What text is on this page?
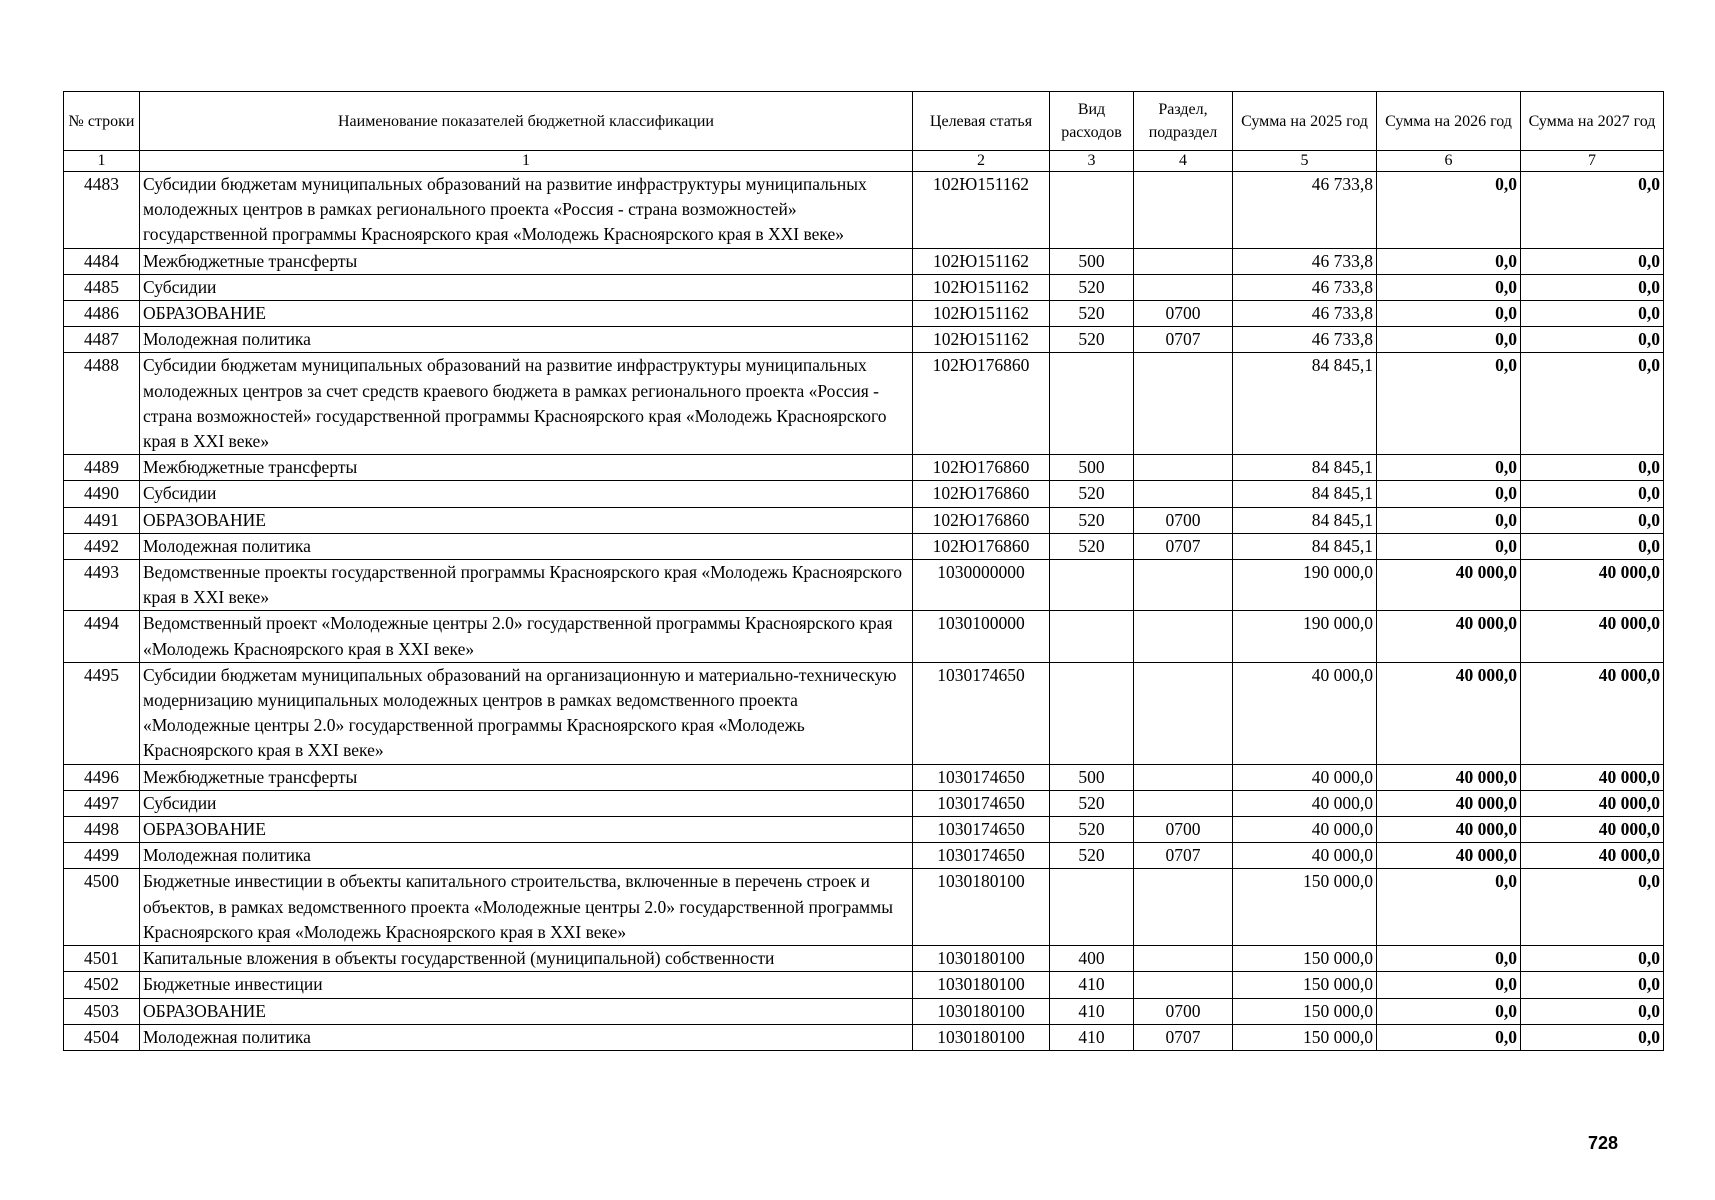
№ строки	Наименование показателей бюджетной классификации	Целевая статья	Вид расходов	Раздел, подраздел	Сумма на 2025 год	Сумма на 2026 год	Сумма на 2027 год
1	1	2	3	4	5	6	7
4483	Субсидии бюджетам муниципальных образований на развитие инфраструктуры муниципальных молодежных центров в рамках регионального проекта «Россия - страна возможностей» государственной программы Красноярского края «Молодежь Красноярского края в XXI веке»	102Ю151162			46 733,8	0,0	0,0
4484	Межбюджетные трансферты	102Ю151162	500		46 733,8	0,0	0,0
4485	Субсидии	102Ю151162	520		46 733,8	0,0	0,0
4486	ОБРАЗОВАНИЕ	102Ю151162	520	0700	46 733,8	0,0	0,0
4487	Молодежная политика	102Ю151162	520	0707	46 733,8	0,0	0,0
4488	Субсидии бюджетам муниципальных образований на развитие инфраструктуры муниципальных молодежных центров за счет средств краевого бюджета в рамках регионального проекта «Россия - страна возможностей» государственной программы Красноярского края «Молодежь Красноярского края в XXI веке»	102Ю176860			84 845,1	0,0	0,0
4489	Межбюджетные трансферты	102Ю176860	500		84 845,1	0,0	0,0
4490	Субсидии	102Ю176860	520		84 845,1	0,0	0,0
4491	ОБРАЗОВАНИЕ	102Ю176860	520	0700	84 845,1	0,0	0,0
4492	Молодежная политика	102Ю176860	520	0707	84 845,1	0,0	0,0
4493	Ведомственные проекты государственной программы Красноярского края «Молодежь Красноярского края в XXI веке»	1030000000			190 000,0	40 000,0	40 000,0
4494	Ведомственный проект «Молодежные центры 2.0» государственной программы Красноярского края «Молодежь Красноярского края в XXI веке»	1030100000			190 000,0	40 000,0	40 000,0
4495	Субсидии бюджетам муниципальных образований на организационную и материально-техническую модернизацию муниципальных молодежных центров в рамках ведомственного проекта «Молодежные центры 2.0» государственной программы Красноярского края «Молодежь Красноярского края в XXI веке»	1030174650			40 000,0	40 000,0	40 000,0
4496	Межбюджетные трансферты	1030174650	500		40 000,0	40 000,0	40 000,0
4497	Субсидии	1030174650	520		40 000,0	40 000,0	40 000,0
4498	ОБРАЗОВАНИЕ	1030174650	520	0700	40 000,0	40 000,0	40 000,0
4499	Молодежная политика	1030174650	520	0707	40 000,0	40 000,0	40 000,0
4500	Бюджетные инвестиции в объекты капитального строительства, включенные в перечень строек и объектов, в рамках ведомственного проекта «Молодежные центры 2.0» государственной программы Красноярского края «Молодежь Красноярского края в XXI веке»	1030180100			150 000,0	0,0	0,0
4501	Капитальные вложения в объекты государственной (муниципальной) собственности	1030180100	400		150 000,0	0,0	0,0
4502	Бюджетные инвестиции	1030180100	410		150 000,0	0,0	0,0
4503	ОБРАЗОВАНИЕ	1030180100	410	0700	150 000,0	0,0	0,0
4504	Молодежная политика	1030180100	410	0707	150 000,0	0,0	0,0
728
